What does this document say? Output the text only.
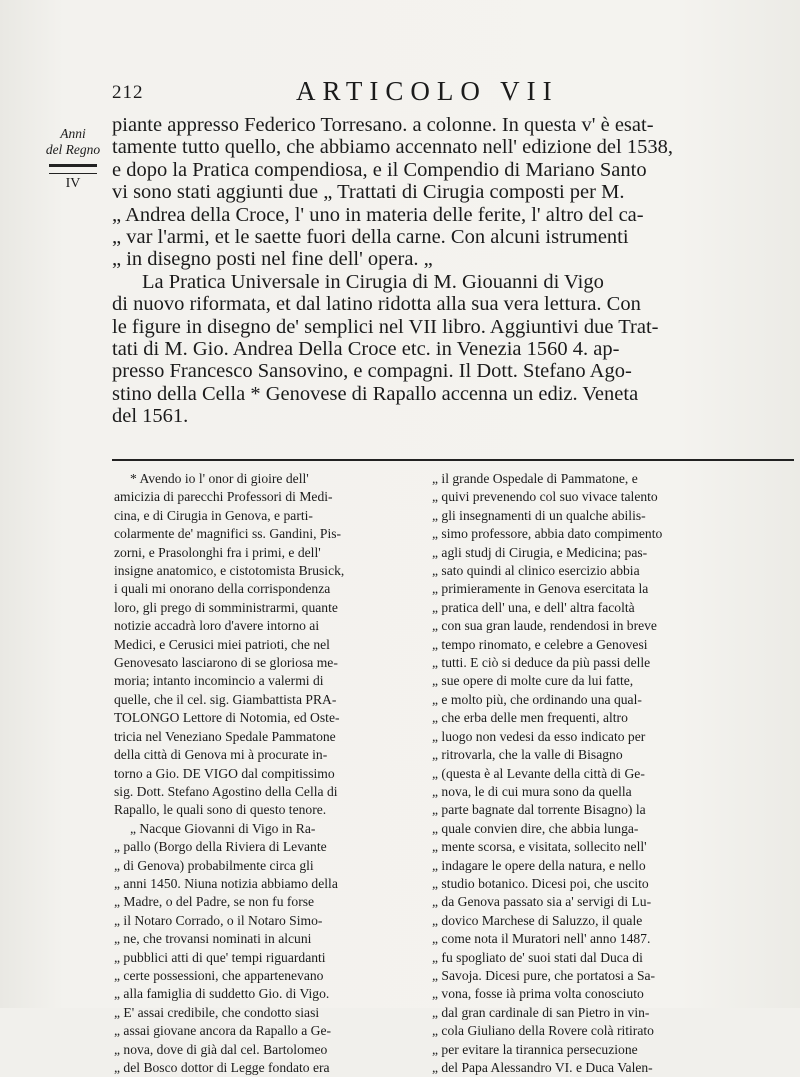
212	ARTICOLO VII
Anni
del Regno
IV
piante appresso Federico Torresano. a colonne. In questa v' è esat-
tamente tutto quello, che abbiamo accennato nell' edizione del 1538,
e dopo la Pratica compendiosa, e il Compendio di Mariano Santo
vi sono stati aggiunti due „ Trattati di Cirugia composti per M.
„ Andrea della Croce, l' uno in materia delle ferite, l' altro del ca-
„ var l'armi, et le saette fuori della carne. Con alcuni istrumenti
„ in disegno posti nel fine dell' opera. „
La Pratica Universale in Cirugia di M. Giouanni di Vigo
di nuovo riformata, et dal latino ridotta alla sua vera lettura. Con
le figure in disegno de' semplici nel VII libro. Aggiuntivi due Trat-
tati di M. Gio. Andrea Della Croce etc. in Venezia 1560 4. ap-
presso Francesco Sansovino, e compagni. Il Dott. Stefano Ago-
stino della Cella * Genovese di Rapallo accenna un ediz. Veneta
del 1561.
* Avendo io l' onor di gioire dell'
amicizia di parecchi Professori di Medi-
cina, e di Cirugia in Genova, e parti-
colarmente de' magnifici ss. Gandini, Pis-
zorni, e Prasolonghi fra i primi, e dell'
insigne anatomico, e cistotomista Brusick,
i quali mi onorano della corrispondenza
loro, gli prego di somministrarmi, quante
notizie accadrà loro d'avere intorno ai
Medici, e Cerusici miei patrioti, che nel
Genovesato lasciarono di se gloriosa me-
moria; intanto incomincio a valermi di
quelle, che il cel. sig. Giambattista PRA-
TOLONGO Lettore di Notomia, ed Oste-
tricia nel Veneziano Spedale Pammatone
della città di Genova mi à procurate in-
torno a Gio. DE VIGO dal compitissimo
sig. Dott. Stefano Agostino della Cella di
Rapallo, le quali sono di questo tenore.
„ Nacque Giovanni di Vigo in Ra-
„ pallo (Borgo della Riviera di Levante
„ di Genova) probabilmente circa gli
„ anni 1450. Niuna notizia abbiamo della
„ Madre, o del Padre, se non fu forse
„ il Notaro Corrado, o il Notaro Simo-
„ ne, che trovansi nominati in alcuni
„ pubblici atti di que' tempi riguardanti
„ certe possessioni, che appartenevano
„ alla famiglia di suddetto Gio. di Vigo.
„ E' assai credibile, che condotto siasi
„ assai giovane ancora da Rapallo a Ge-
„ nova, dove di già dal cel. Bartolomeo
„ del Bosco dottor di Legge fondato era
„ il grande Ospedale di Pammatone, e
„ quivi prevenendo col suo vivace talento
„ gli insegnamenti di un qualche abilis-
„ simo professore, abbia dato compimento
„ agli studj di Cirugia, e Medicina; pas-
„ sato quindi al clinico esercizio abbia
„ primieramente in Genova esercitata la
„ pratica dell' una, e dell' altra facoltà
„ con sua gran laude, rendendosi in breve
„ tempo rinomato, e celebre a Genovesi
„ tutti. E ciò si deduce da più passi delle
„ sue opere di molte cure da lui fatte,
„ e molto più, che ordinando una qual-
„ che erba delle men frequenti, altro
„ luogo non vedesi da esso indicato per
„ ritrovarla, che la valle di Bisagno
„ (questa è al Levante della città di Ge-
„ nova, le di cui mura sono da quella
„ parte bagnate dal torrente Bisagno) la
„ quale convien dire, che abbia lunga-
„ mente scorsa, e visitata, sollecito nell'
„ indagare le opere della natura, e nello
„ studio botanico. Dicesi poi, che uscito
„ da Genova passato sia a' servigi di Lu-
„ dovico Marchese di Saluzzo, il quale
„ come nota il Muratori nell' anno 1487.
„ fu spogliato de' suoi stati dal Duca di
„ Savoja. Dicesi pure, che portatosi a Sa-
„ vona, fosse ià prima volta conosciuto
„ dal gran cardinale di san Pietro in vin-
„ cola Giuliano della Rovere colà ritirato
„ per evitare la tirannica persecuzione
„ del Papa Alessandro VI. e Duca Valen-
